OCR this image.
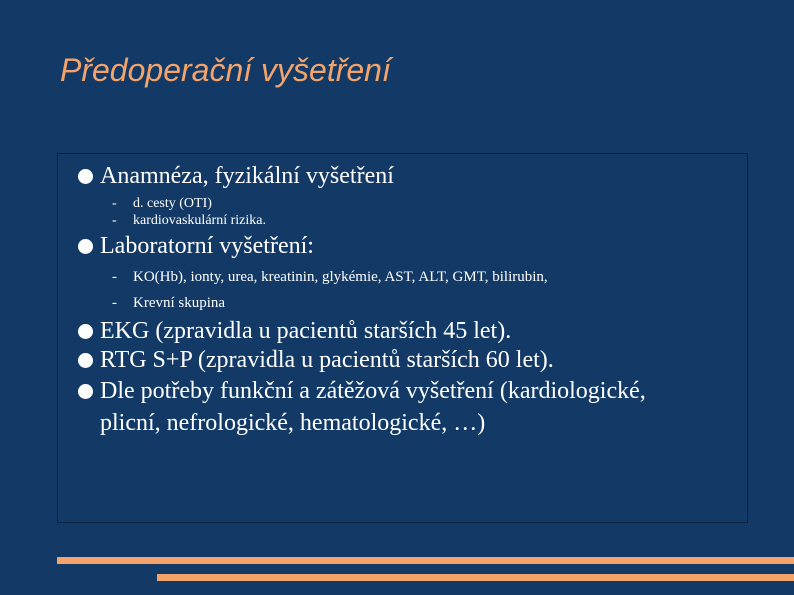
Předoperační vyšetření
Anamnéza, fyzikální vyšetření
- d. cesty (OTI)
- kardiovaskulární rizika.
Laboratorní vyšetření:
- KO(Hb), ionty, urea, kreatinin, glykémie, AST, ALT, GMT, bilirubin,
- Krevní skupina
EKG (zpravidla u pacientů starších 45 let).
RTG S+P (zpravidla u pacientů starších 60 let).
Dle potřeby funkční a zátěžová vyšetření (kardiologické,
plicní, nefrologické, hematologické, …)
